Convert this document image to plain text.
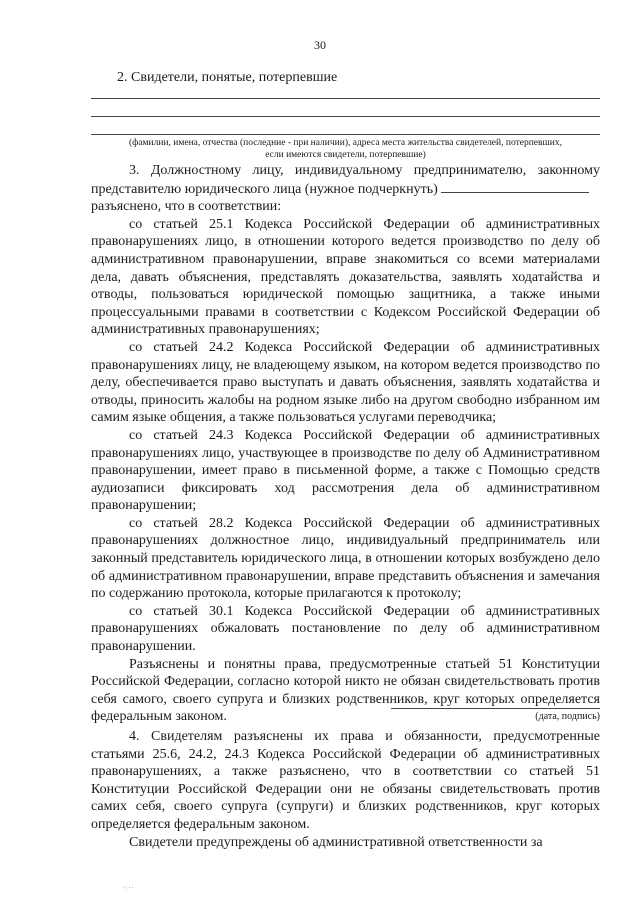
30
2. Свидетели, понятые, потерпевшие
(фамилии, имена, отчества (последние - при наличии), адреса места жительства свидетелей, потерпевших,
если имеются свидетели, потерпевшие)

3. Должностному лицу, индивидуальному предпринимателю, законному представителю юридического лица (нужное подчеркнуть)

разъяснено, что в соответствии:

со статьей 25.1 Кодекса Российской Федерации об административных правонарушениях лицо, в отношении которого ведется производство по делу об административном правонарушении, вправе знакомиться со всеми материалами дела, давать объяснения, представлять доказательства, заявлять ходатайства и отводы, пользоваться юридической помощью защитника, а также иными процессуальными правами в соответствии с Кодексом Российской Федерации об административных правонарушениях;

со статьей 24.2 Кодекса Российской Федерации об административных правонарушениях лицу, не владеющему языком, на котором ведется производство по делу, обеспечивается право выступать и давать объяснения, заявлять ходатайства и отводы, приносить жалобы на родном языке либо на другом свободно избранном им самим языке общения, а также пользоваться услугами переводчика;

со статьей 24.3 Кодекса Российской Федерации об административных правонарушениях лицо, участвующее в производстве по делу об Административном правонарушении, имеет право в письменной форме, а также с Помощью средств аудиозаписи фиксировать ход рассмотрения дела об административном правонарушении;

со статьей 28.2 Кодекса Российской Федерации об административных правонарушениях должностное лицо, индивидуальный предприниматель или законный представитель юридического лица, в отношении которых возбуждено дело об административном правонарушении, вправе представить объяснения и замечания по содержанию протокола, которые прилагаются к протоколу;

со статьей 30.1 Кодекса Российской Федерации об административных правонарушениях обжаловать постановление по делу об административном правонарушении.

Разъяснены и понятны права, предусмотренные статьей 51 Конституции Российской Федерации, согласно которой никто не обязан свидетельствовать против себя самого, своего супруга и близких родственников, круг которых определяется федеральным законом.	(дата, подпись)

4. Свидетелям разъяснены их права и обязанности, предусмотренные статьями 25.6, 24.2, 24.3 Кодекса Российской Федерации об административных правонарушениях, а также разъяснено, что в соответствии со статьей 51 Конституции Российской Федерации они не обязаны свидетельствовать против самих себя, своего супруга (супруги) и близких родственников, круг которых определяется федеральным законом.

Свидетели предупреждены об административной ответственности за

·:··
